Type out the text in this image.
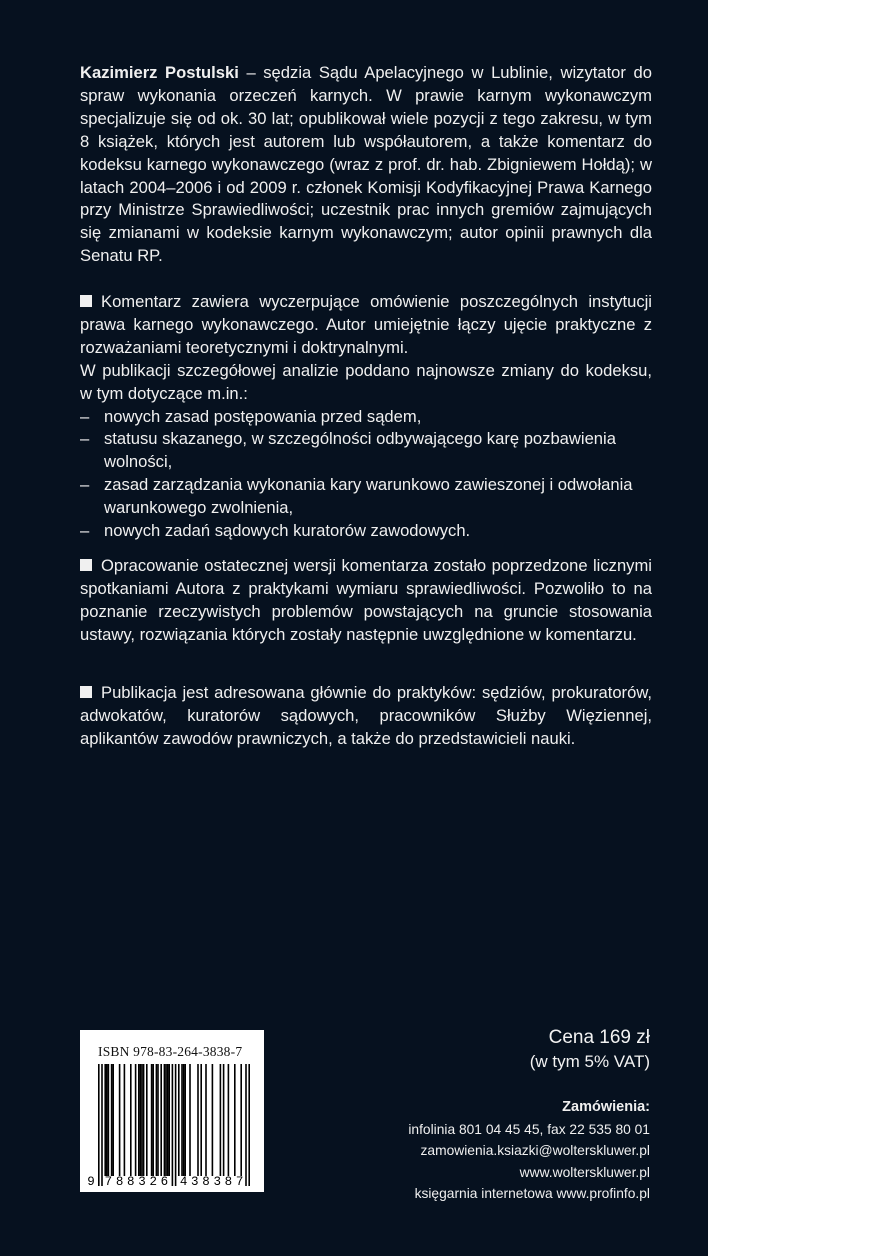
Kazimierz Postulski – sędzia Sądu Apelacyjnego w Lublinie, wizytator do spraw wykonania orzeczeń karnych. W prawie karnym wykonawczym specjalizuje się od ok. 30 lat; opublikował wiele pozycji z tego zakresu, w tym 8 książek, których jest autorem lub współautorem, a także komentarz do kodeksu karnego wykonawczego (wraz z prof. dr. hab. Zbigniewem Hołdą); w latach 2004–2006 i od 2009 r. członek Komisji Kodyfikacyjnej Prawa Karnego przy Ministrze Sprawiedliwości; uczestnik prac innych gremiów zajmujących się zmianami w kodeksie karnym wykonawczym; autor opinii prawnych dla Senatu RP.

Komentarz zawiera wyczerpujące omówienie poszczególnych instytucji prawa karnego wykonawczego. Autor umiejętnie łączy ujęcie praktyczne z rozważaniami teoretycznymi i doktrynalnymi.

W publikacji szczegółowej analizie poddano najnowsze zmiany do kodeksu, w tym dotyczące m.in.:

– nowych zasad postępowania przed sądem,
– statusu skazanego, w szczególności odbywającego karę pozbawienia wolności,
– zasad zarządzania wykonania kary warunkowo zawieszonej i odwołania warunkowego zwolnienia,
– nowych zadań sądowych kuratorów zawodowych.

Opracowanie ostatecznej wersji komentarza zostało poprzedzone licznymi spotkaniami Autora z praktykami wymiaru sprawiedliwości. Pozwoliło to na poznanie rzeczywistych problemów powstających na gruncie stosowania ustawy, rozwiązania których zostały następnie uwzględnione w komentarzu.

Publikacja jest adresowana głównie do praktyków: sędziów, prokuratorów, adwokatów, kuratorów sądowych, pracowników Służby Więziennej, aplikantów zawodów prawniczych, a także do przedstawicieli nauki.

ISBN 978-83-264-3838-7
9 7 8 8 3 2 6 4 3 8 3 8 7
Cena 169 zł
(w tym 5% VAT)
Zamówienia:
infolinia 801 04 45 45, fax 22 535 80 01
zamowienia.ksiazki@wolterskluwer.pl
www.wolterskluwer.pl
księgarnia internetowa www.profinfo.pl
